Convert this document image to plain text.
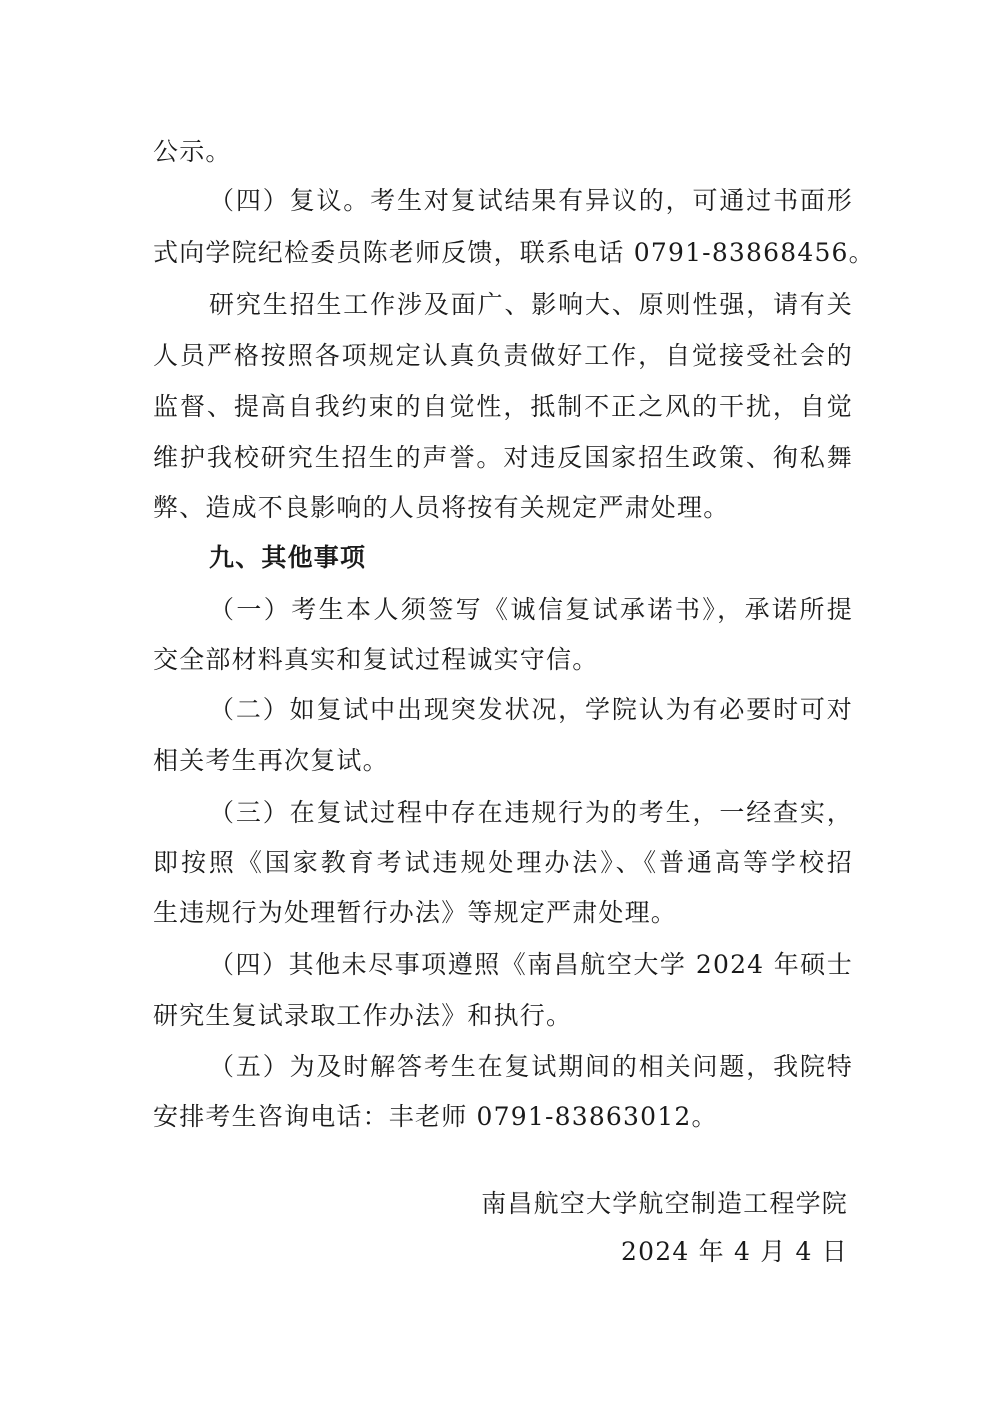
公示。
（四）复议。考生对复试结果有异议的，可通过书面形
式向学院纪检委员陈老师反馈，联系电话 0791-83868456。
研究生招生工作涉及面广、影响大、原则性强，请有关
人员严格按照各项规定认真负责做好工作，自觉接受社会的
监督、提高自我约束的自觉性，抵制不正之风的干扰，自觉
维护我校研究生招生的声誉。对违反国家招生政策、徇私舞
弊、造成不良影响的人员将按有关规定严肃处理。
九、其他事项
（一）考生本人须签写《诚信复试承诺书》，承诺所提
交全部材料真实和复试过程诚实守信。
（二）如复试中出现突发状况，学院认为有必要时可对
相关考生再次复试。
（三）在复试过程中存在违规行为的考生，一经查实，
即按照《国家教育考试违规处理办法》、《普通高等学校招
生违规行为处理暂行办法》等规定严肃处理。
（四）其他未尽事项遵照《南昌航空大学 2024 年硕士
研究生复试录取工作办法》和执行。
（五）为及时解答考生在复试期间的相关问题，我院特
安排考生咨询电话：丰老师 0791-83863012。
南昌航空大学航空制造工程学院
2024 年 4 月 4 日
